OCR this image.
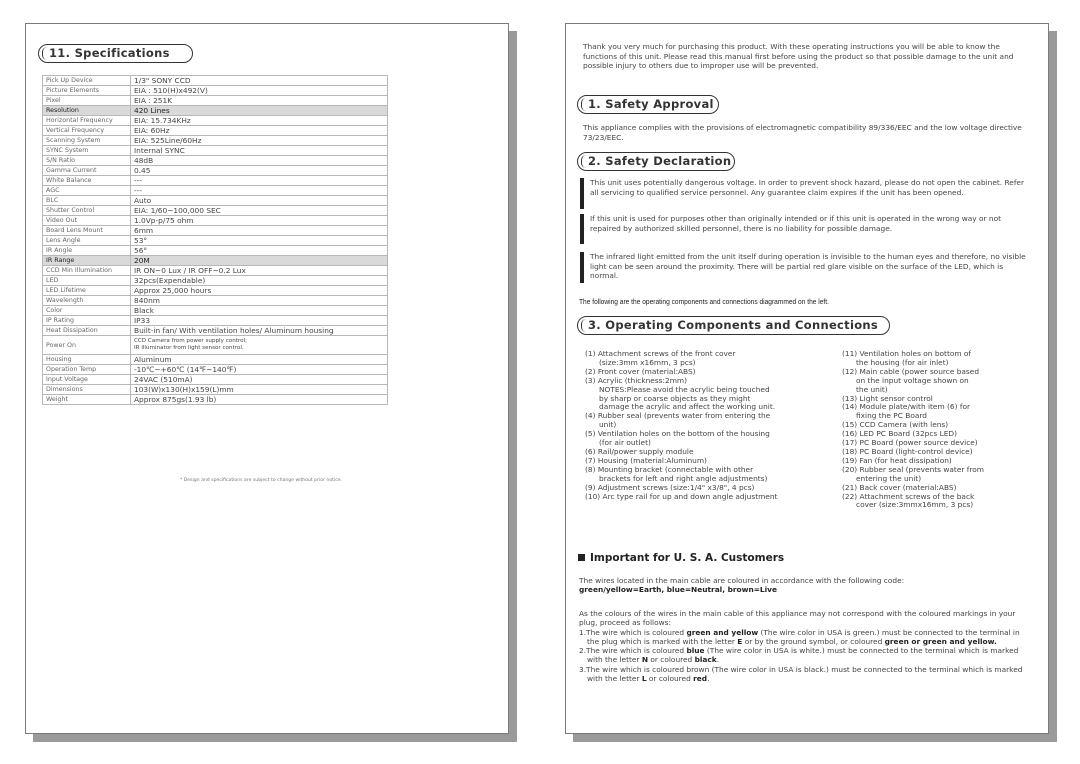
11. Specifications
Pick Up Device	1/3" SONY CCD
Picture Elements	EIA : 510(H)x492(V)
Pixel	EIA : 251K
Resolution	420 Lines
Horizontal Frequency	EIA: 15.734KHz
Vertical Frequency	EIA: 60Hz
Scanning System	EIA: 525Line/60Hz
SYNC System	Internal SYNC
S/N Ratio	48dB
Gamma Current	0.45
White Balance	---
AGC	---
BLC	Auto
Shutter Control	EIA: 1/60~100,000 SEC
Video Out	1.0Vp-p/75 ohm
Board Lens Mount	6mm
Lens Angle	53°
IR Angle	56°
IR Range	20M
CCD Min Illumination	IR ON~0 Lux / IR OFF~0.2 Lux
LED	32pcs(Expendable)
LED Lifetime	Approx 25,000 hours
Wavelength	840nm
Color	Black
IP Rating	IP33
Heat Dissipation	Built-in fan/ With ventilation holes/ Aluminum housing
Power On	CCD Camera from power supply control;
IR illuminator from light sensor control.

Housing	Aluminum
Operation Temp	-10℃~+60℃ (14℉~140℉)
Input Voltage	24VAC (510mA)
Dimensions	103(W)x130(H)x159(L)mm
Weight	Approx 875gs(1.93 lb)
* Design and specifications are subject to change without prior notice.
Thank you very much for purchasing this product. With these operating instructions you will be able to know the functions of this unit. Please read this manual first before using the product so that possible damage to the unit and possible injury to others due to improper use will be prevented.
1. Safety Approval
This appliance complies with the provisions of electromagnetic compatibility 89/336/EEC and the low voltage directive 73/23/EEC.
2. Safety Declaration
This unit uses potentially dangerous voltage. In order to prevent shock hazard, please do not open the cabinet. Refer all servicing to qualified service personnel. Any guarantee claim expires if the unit has been opened.
If this unit is used for purposes other than originally intended or if this unit is operated in the wrong way or not repaired by authorized skilled personnel, there is no liability for possible damage.
The infrared light emitted from the unit itself during operation is invisible to the human eyes and therefore, no visible light can be seen around the proximity. There will be partial red glare visible on the surface of the LED, which is normal.
The following are the operating components and connections diagrammed on the left.
3. Operating Components and Connections
(1) Attachment screws of the front cover
(size:3mm x16mm, 3 pcs)
(2) Front cover (material:ABS)
(3) Acrylic (thickness:2mm)
NOTES:Please avoid the acrylic being touched
by sharp or coarse objects as they might
damage the acrylic and affect the working unit.
(4) Rubber seal (prevents water from entering the
unit)
(5) Ventilation holes on the bottom of the housing
(for air outlet)
(6) Rail/power supply module
(7) Housing (material:Aluminum)
(8) Mounting bracket (connectable with other
brackets for left and right angle adjustments)
(9) Adjustment screws (size:1/4" x3/8", 4 pcs)
(10) Arc type rail for up and down angle adjustment
(11) Ventilation holes on bottom of
the housing (for air inlet)
(12) Main cable (power source based
on the input voltage shown on
the unit)
(13) Light sensor control
(14) Module plate/with item (6) for
fixing the PC Board
(15) CCD Camera (with lens)
(16) LED PC Board (32pcs LED)
(17) PC Board (power source device)
(18) PC Board (light-control device)
(19) Fan (for heat dissipation)
(20) Rubber seal (prevents water from
entering the unit)
(21) Back cover (material:ABS)
(22) Attachment screws of the back
cover (size:3mmx16mm, 3 pcs)
Important for U. S. A. Customers
The wires located in the main cable are coloured in accordance with the following code:
green/yellow=Earth, blue=Neutral, brown=Live
As the colours of the wires in the main cable of this appliance may not correspond with the coloured markings in your plug, proceed as follows:
1.The wire which is coloured green and yellow (The wire color in USA is green.) must be connected to the terminal in the plug which is marked with the letter E or by the ground symbol, or coloured green or green and yellow.
2.The wire which is coloured blue (The wire color in USA is white.) must be connected to the terminal which is marked with the letter N or coloured black.
3.The wire which is coloured brown (The wire color in USA is black.) must be connected to the terminal which is marked with the letter L or coloured red.
